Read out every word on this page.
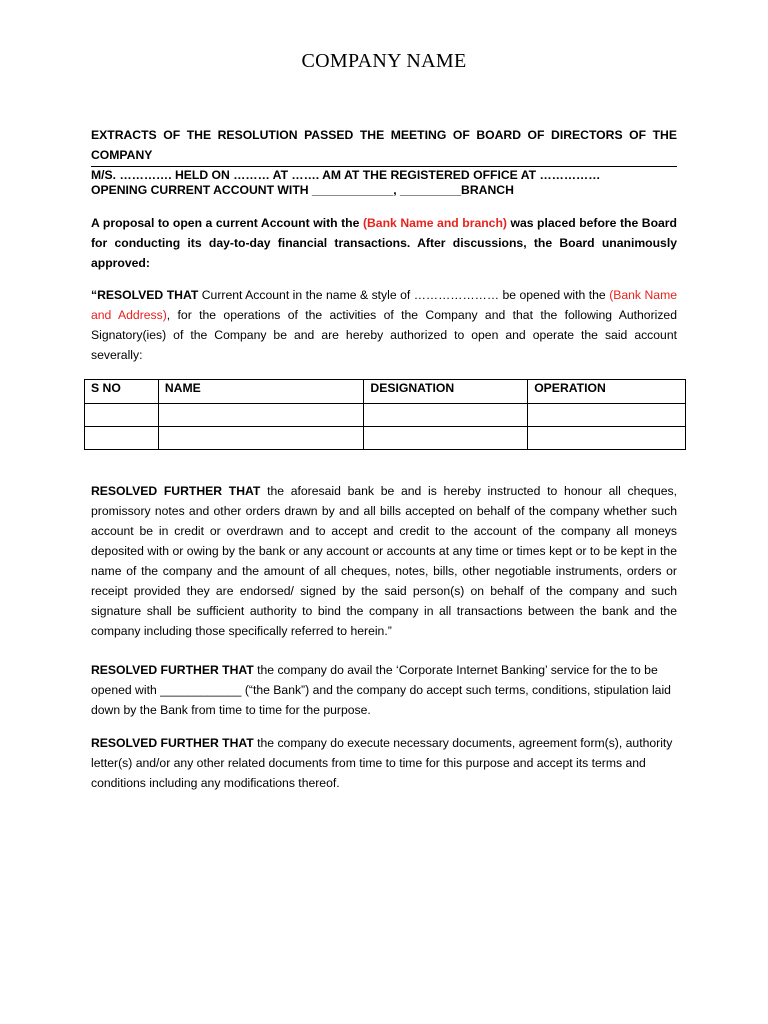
COMPANY NAME
EXTRACTS OF THE RESOLUTION PASSED THE MEETING OF BOARD OF DIRECTORS OF THE COMPANY
M/S. …………. HELD ON ……… AT ……. AM AT THE REGISTERED OFFICE AT ……………
OPENING CURRENT ACCOUNT WITH ____________, _________BRANCH
A proposal to open a current Account with the (Bank Name and branch) was placed before the Board for conducting its day-to-day financial transactions. After discussions, the Board unanimously approved:
“RESOLVED THAT Current Account in the name & style of ………………… be opened with the (Bank Name and Address), for the operations of the activities of the Company and that the following Authorized Signatory(ies) of the Company be and are hereby authorized to open and operate the said account severally:
S NO	NAME	DESIGNATION	OPERATION

RESOLVED FURTHER THAT the aforesaid bank be and is hereby instructed to honour all cheques, promissory notes and other orders drawn by and all bills accepted on behalf of the company whether such account be in credit or overdrawn and to accept and credit to the account of the company all moneys deposited with or owing by the bank or any account or accounts at any time or times kept or to be kept in the name of the company and the amount of all cheques, notes, bills, other negotiable instruments, orders or receipt provided they are endorsed/ signed by the said person(s) on behalf of the company and such signature shall be sufficient authority to bind the company in all transactions between the bank and the company including those specifically referred to herein.”
RESOLVED FURTHER THAT the company do avail the ‘Corporate Internet Banking’ service for the to be opened with ____________ (“the Bank”) and the company do accept such terms, conditions, stipulation laid down by the Bank from time to time for the purpose.
RESOLVED FURTHER THAT the company do execute necessary documents, agreement form(s), authority letter(s) and/or any other related documents from time to time for this purpose and accept its terms and conditions including any modifications thereof.
